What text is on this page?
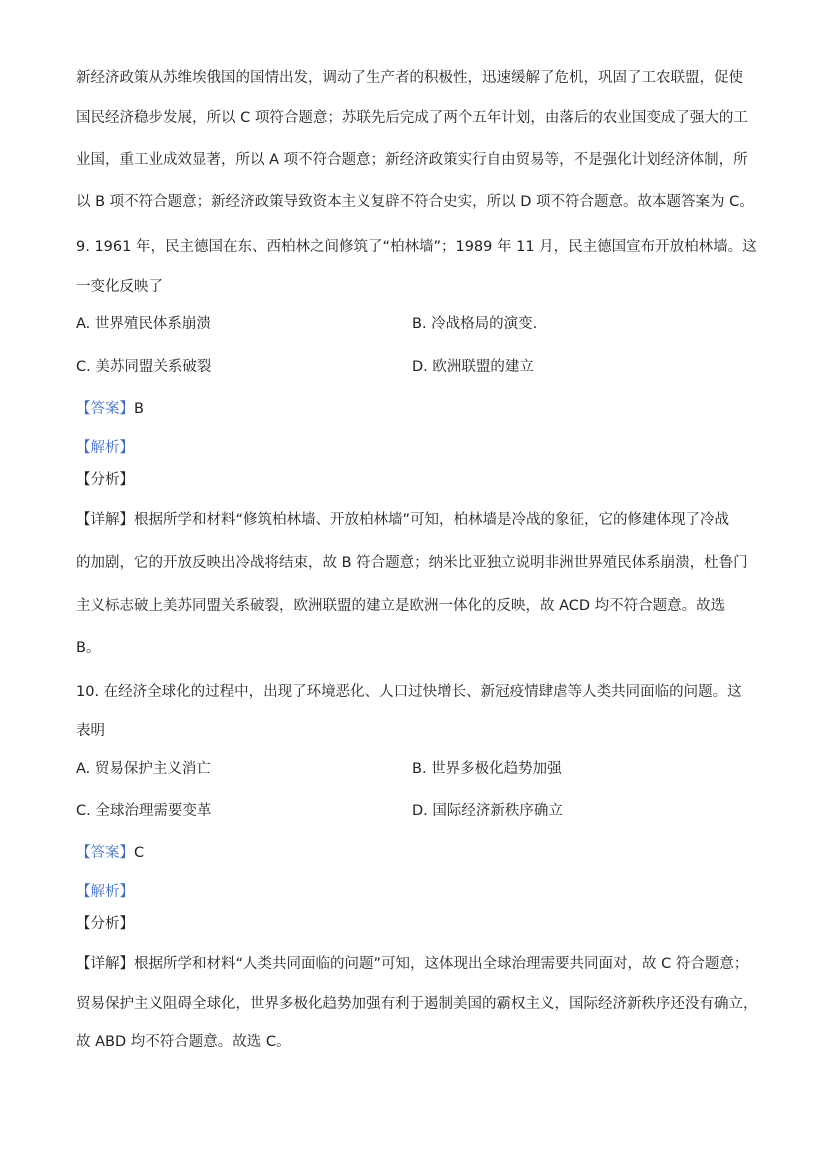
新经济政策从苏维埃俄国的国情出发，调动了生产者的积极性，迅速缓解了危机，巩固了工农联盟，促使
国民经济稳步发展，所以 C 项符合题意；苏联先后完成了两个五年计划，由落后的农业国变成了强大的工
业国，重工业成效显著，所以 A 项不符合题意；新经济政策实行自由贸易等，不是强化计划经济体制，所
以 B 项不符合题意；新经济政策导致资本主义复辟不符合史实，所以 D 项不符合题意。故本题答案为 C。
9. 1961 年，民主德国在东、西柏林之间修筑了“柏林墙”；1989 年 11 月，民主德国宣布开放柏林墙。这
一变化反映了
A. 世界殖民体系崩溃	B. 冷战格局的演变.
C. 美苏同盟关系破裂	D. 欧洲联盟的建立
【答案】B
【解析】
【分析】
【详解】根据所学和材料“修筑柏林墙、开放柏林墙”可知，柏林墙是冷战的象征，它的修建体现了冷战
的加剧，它的开放反映出冷战将结束，故 B 符合题意；纳米比亚独立说明非洲世界殖民体系崩溃，杜鲁门
主义标志破上美苏同盟关系破裂，欧洲联盟的建立是欧洲一体化的反映，故 ACD 均不符合题意。故选
B。
10. 在经济全球化的过程中，出现了环境恶化、人口过快增长、新冠疫情肆虐等人类共同面临的问题。这
表明
A. 贸易保护主义消亡	B. 世界多极化趋势加强
C. 全球治理需要变革	D. 国际经济新秩序确立
【答案】C
【解析】
【分析】
【详解】根据所学和材料“人类共同面临的问题”可知，这体现出全球治理需要共同面对，故 C 符合题意；
贸易保护主义阻碍全球化，世界多极化趋势加强有利于遏制美国的霸权主义，国际经济新秩序还没有确立，
故 ABD 均不符合题意。故选 C。
